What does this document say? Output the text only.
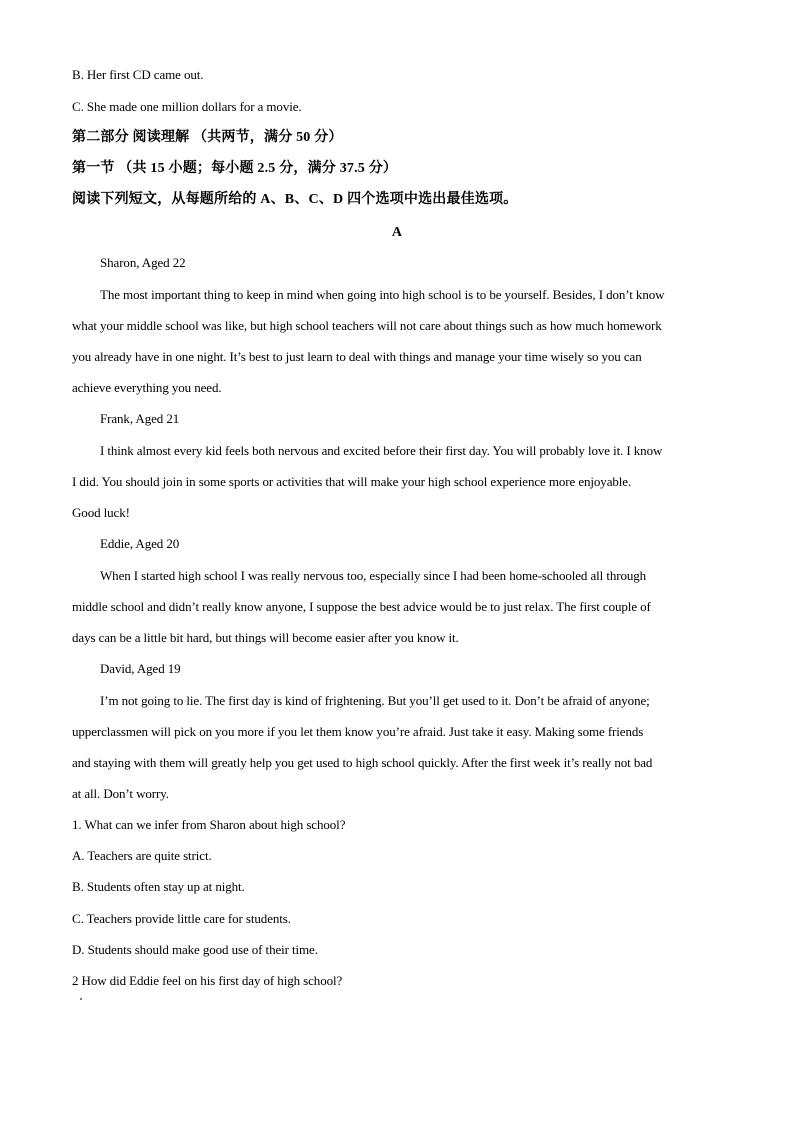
B. Her first CD came out.
C. She made one million dollars for a movie.
第二部分 阅读理解 （共两节，满分 50 分）
第一节 （共 15 小题；每小题 2.5 分，满分 37.5 分）
阅读下列短文，从每题所给的 A、B、C、D 四个选项中选出最佳选项。
A
Sharon, Aged 22
The most important thing to keep in mind when going into high school is to be yourself. Besides, I don’t know
what your middle school was like, but high school teachers will not care about things such as how much homework
you already have in one night. It’s best to just learn to deal with things and manage your time wisely so you can
achieve everything you need.
Frank, Aged 21
I think almost every kid feels both nervous and excited before their first day. You will probably love it. I know
I did. You should join in some sports or activities that will make your high school experience more enjoyable.
Good luck!
Eddie, Aged 20
When I started high school I was really nervous too, especially since I had been home-schooled all through
middle school and didn’t really know anyone, I suppose the best advice would be to just relax. The first couple of
days can be a little bit hard, but things will become easier after you know it.
David, Aged 19
I’m not going to lie. The first day is kind of frightening. But you’ll get used to it. Don’t be afraid of anyone;
upperclassmen will pick on you more if you let them know you’re afraid. Just take it easy. Making some friends
and staying with them will greatly help you get used to high school quickly. After the first week it’s really not bad
at all. Don’t worry.
1. What can we infer from Sharon about high school?
A. Teachers are quite strict.
B. Students often stay up at night.
C. Teachers provide little care for students.
D. Students should make good use of their time.
2 How did Eddie feel on his first day of high school?
